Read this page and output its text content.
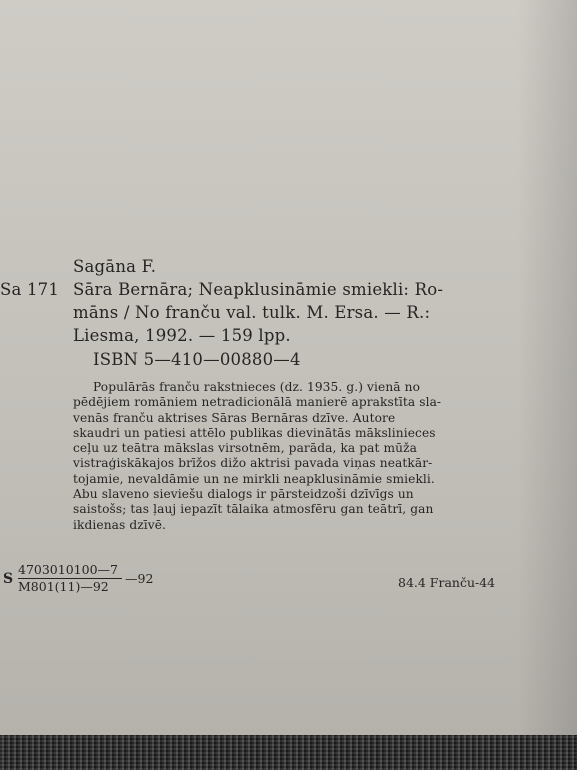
Sagāna F.
Sa 171 Sāra Bernāra; Neapklusināmie smiekli: Ro-
māns / No franču val. tulk. M. Ersa. — R.:
Liesma, 1992. — 159 lpp.
ISBN 5—410—00880—4

Populārās franču rakstnieces (dz. 1935. g.) vienā no

pēdējiem romāniem netradicionālā manierē aprakstīta sla-

venās franču aktrises Sāras Bernāras dzīve. Autore

skaudri un patiesi attēlo publikas dievinātās mākslinieces

ceļu uz teātra mākslas virsotnēm, parāda, ka pat mūža

vistraģiskākajos brīžos dižo aktrisi pavada viņas neatkār-

tojamie, nevaldāmie un ne mirkli neapklusināmie smiekli.

Abu slaveno sieviešu dialogs ir pārsteidzoši dzīvīgs un

saistošs; tas ļauj iepazīt tālaika atmosfēru gan teātrī, gan

ikdienas dzīvē.

S
4703010100—7
M801(11)—92
—92	84.4 Franču-44
